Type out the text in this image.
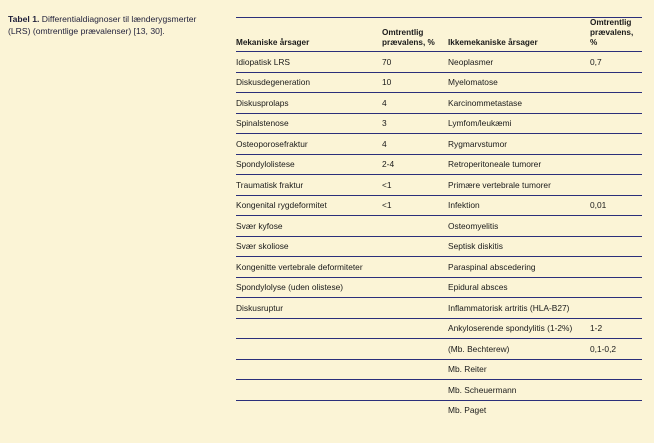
Tabel 1. Differentialdiagnoser til lænderygsmerter (LRS) (omtrentlige prævalenser) [13, 30].
Mekaniske årsager	Omtrentlig prævalens, %	Ikkemekaniske årsager	Omtrentlig prævalens, %
Idiopatisk LRS	70	Neoplasmer	0,7
Diskusdegeneration	10	Myelomatose	
Diskusprolaps	4	Karcinommetastase	
Spinalstenose	3	Lymfom/leukæmi	
Osteoporosefraktur	4	Rygmarvstumor	
Spondylolistese	2-4	Retroperitoneale tumorer	
Traumatisk fraktur	<1	Primære vertebrale tumorer	
Kongenital rygdeformitet	<1	Infektion	0,01
Svær kyfose		Osteomyelitis	
Svær skoliose		Septisk diskitis	
Kongenitte vertebrale deformiteter		Paraspinal abscedering	
Spondylolyse (uden olistese)		Epidural absces	
Diskusruptur		Inflammatorisk artritis (HLA-B27)	
		Ankyloserende spondylitis (1-2%)	1-2
		(Mb. Bechterew)	0,1-0,2
		Mb. Reiter	
		Mb. Scheuermann	
		Mb. Paget	
